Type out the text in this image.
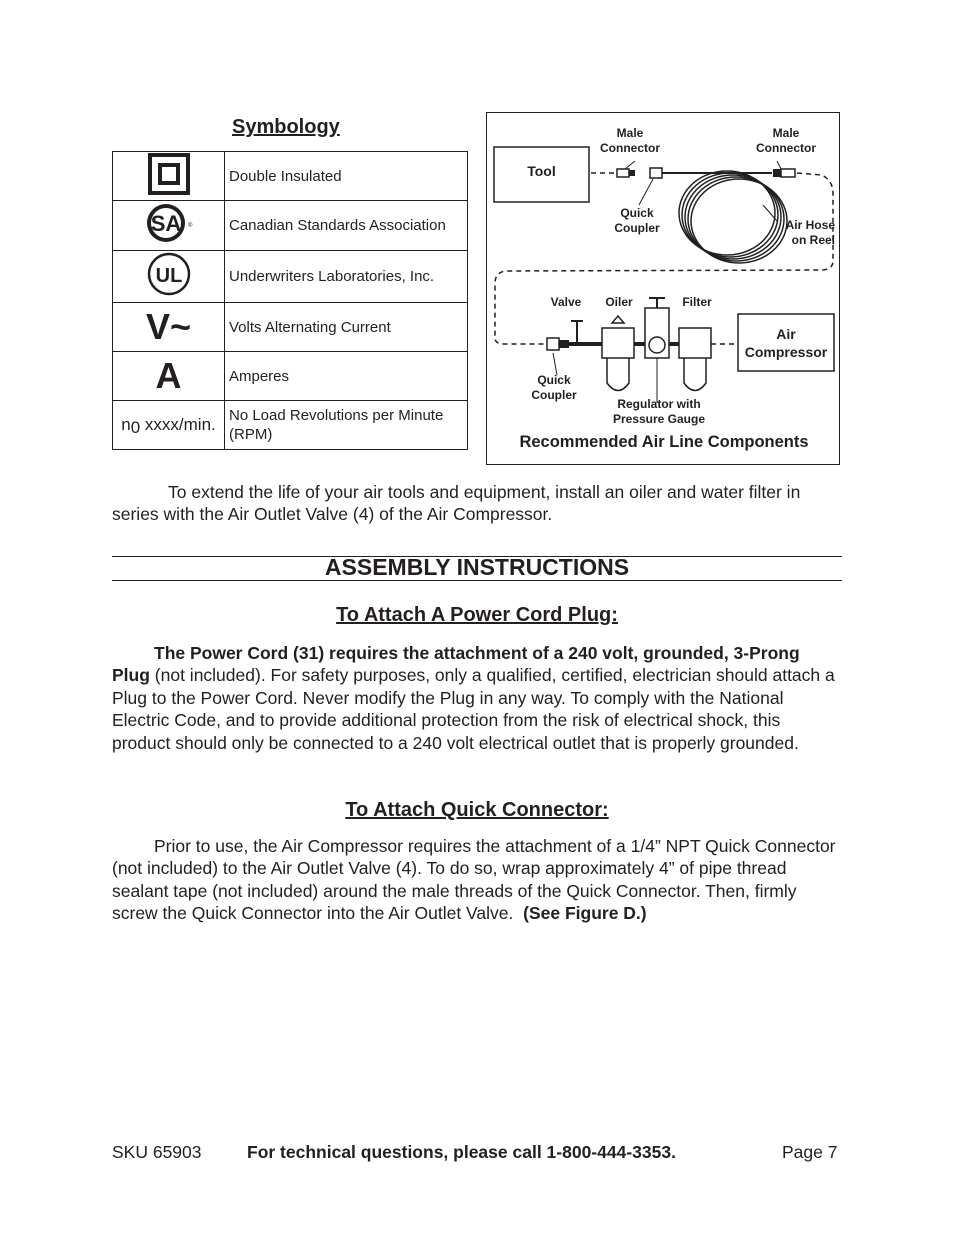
Symbology
	Double Insulated

SA ®	Canadian Standards Association

UL	Underwriters Laboratories, Inc.
V~	Volts Alternating Current
A	Amperes
n0 xxxx/min.	No Load Revolutions per Minute (RPM)
Tool
Male Connector
Male Connector
Quick Coupler	Air Hose on Reel
Valve	Oiler	Filter
Air Compressor
Quick Coupler
Regulator with Pressure Gauge
Recommended Air Line Components
To extend the life of your air tools and equipment, install an oiler and water filter in series with the Air Outlet Valve (4) of the Air Compressor.
ASSEMBLY INSTRUCTIONS
To Attach A Power Cord Plug:
The Power Cord (31) requires the attachment of a 240 volt, grounded, 3-Prong Plug (not included). For safety purposes, only a qualified, certified, electrician should attach a Plug to the Power Cord. Never modify the Plug in any way. To comply with the National Electric Code, and to provide additional protection from the risk of electrical shock, this product should only be connected to a 240 volt electrical outlet that is properly grounded.
To Attach Quick Connector:
Prior to use, the Air Compressor requires the attachment of a 1/4” NPT Quick Connector (not included) to the Air Outlet Valve (4). To do so, wrap approximately 4” of pipe thread sealant tape (not included) around the male threads of the Quick Connector. Then, firmly screw the Quick Connector into the Air Outlet Valve. (See Figure D.)
SKU 65903	For technical questions, please call 1-800-444-3353.	Page 7
